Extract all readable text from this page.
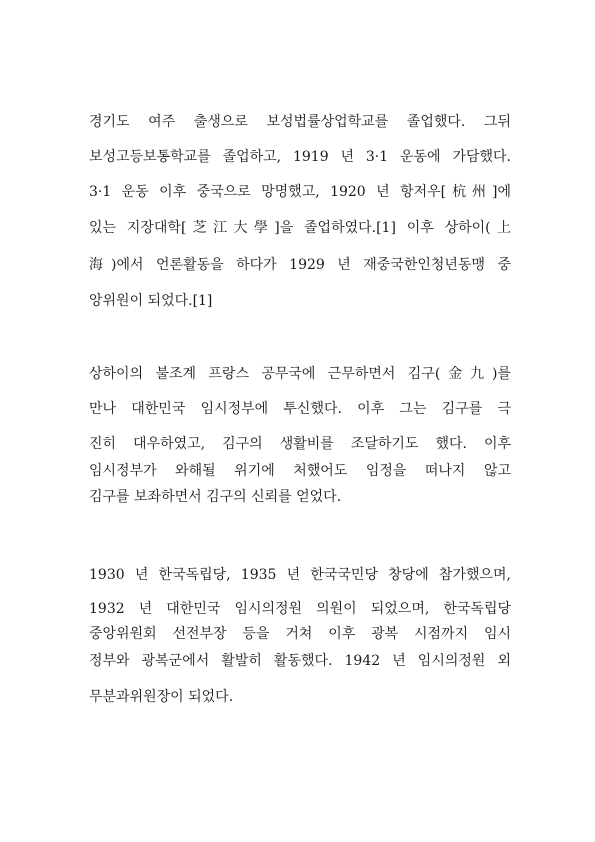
경기도 여주 출생으로 보성법률상업학교를 졸업했다. 그뒤

보성고등보통학교를 졸업하고, 1919 년 3·1 운동에 가담했다.

3·1 운동 이후 중국으로 망명했고, 1920 년 항저우[杭州]에

있는 지장대학[芝江大學]을 졸업하였다.[1] 이후 상하이(上

海)에서 언론활동을 하다가 1929 년 재중국한인청년동맹 중

앙위원이 되었다.[1]

상하이의 불조계 프랑스 공무국에 근무하면서 김구(金九)를

만나 대한민국 임시정부에 투신했다. 이후 그는 김구를 극

진히 대우하였고, 김구의 생활비를 조달하기도 했다. 이후

임시정부가 와해될 위기에 처했어도 임정을 떠나지 않고

김구를 보좌하면서 김구의 신뢰를 얻었다.

1930 년 한국독립당, 1935 년 한국국민당 창당에 참가했으며,

1932 년 대한민국 임시의정원 의원이 되었으며, 한국독립당

중앙위원회 선전부장 등을 거쳐 이후 광복 시점까지 임시

정부와 광복군에서 활발히 활동했다. 1942 년 임시의정원 외

무분과위원장이 되었다.
